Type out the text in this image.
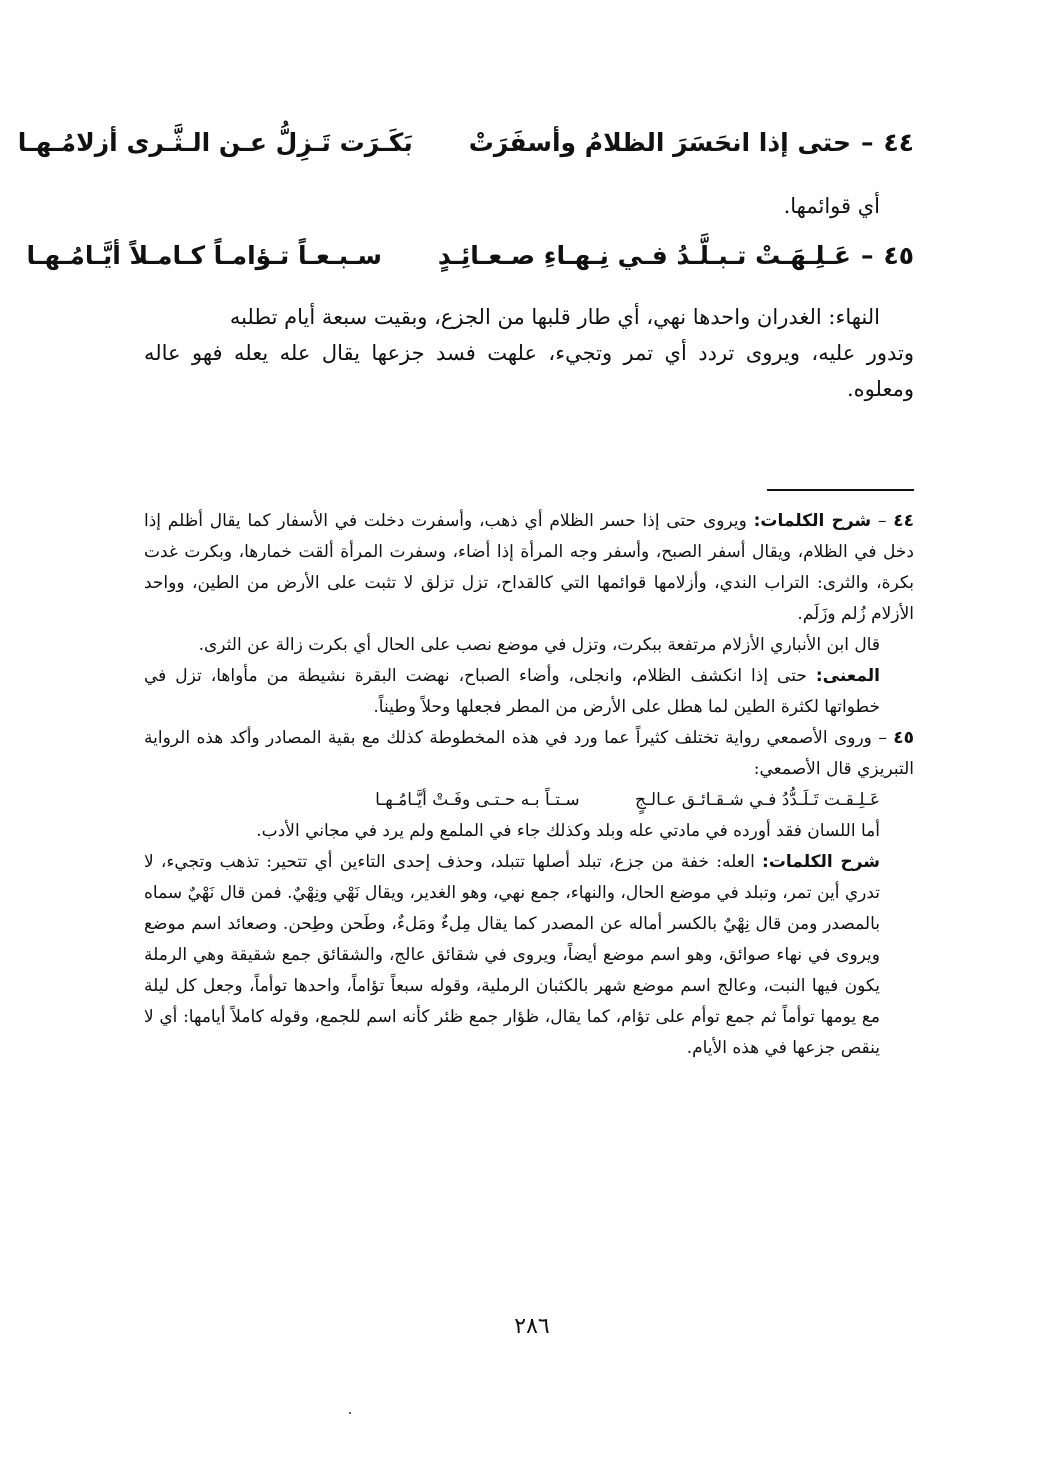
٤٤
–
حتى إذا انحَسَرَ الظلامُ وأسفَرَتْ
بَكَـرَت تَـزِلُّ عـن الـثَّـرى أزلامُـهـا
أي قوائمها.
٤٥
–
عَـلِـهَـتْ تـبـلَّـدُ فـي نِـهـاءِ صـعـائِـدٍ
سـبـعـاً تـؤامـاً كـامـلاً أيَّـامُـهـا
النهاء: الغدران واحدها نهي، أي طار قلبها من الجزع، وبقيت سبعة أيام تطلبه
وتدور عليه، ويروى تردد أي تمر وتجيء، علهت فسد جزعها يقال عله يعله فهو عاله ومعلوه.

٤٤ – شرح الكلمات: ويروى حتى إذا حسر الظلام أي ذهب، وأسفرت دخلت في الأسفار كما يقال أظلم إذا دخل في الظلام، ويقال أسفر الصبح، وأسفر وجه المرأة إذا أضاء، وسفرت المرأة ألقت خمارها، وبكرت غدت بكرة، والثرى: التراب الندي، وأزلامها قوائمها التي كالقداح، تزل تزلق لا تثبت على الأرض من الطين، وواحد الأزلام زُلم وزَلَم.

قال ابن الأنباري الأزلام مرتفعة ببكرت، وتزل في موضع نصب على الحال أي بكرت زالة عن الثرى.

المعنى: حتى إذا انكشف الظلام، وانجلى، وأضاء الصباح، نهضت البقرة نشيطة من مأواها، تزل في خطواتها لكثرة الطين لما هطل على الأرض من المطر فجعلها وحلاً وطيناً.

٤٥ – وروى الأصمعي رواية تختلف كثيراً عما ورد في هذه المخطوطة كذلك مع بقية المصادر وأكد هذه الرواية التبريزي قال الأصمعي:

عَـلِـقـت تَـلَـدُّدُ فـي شـقـائـق عـالـجٍ سـتـاً بـه حـتـى وفَـتْ أيَّـامُـهـا

أما اللسان فقد أورده في مادتي عله وبلد وكذلك جاء في الملمع ولم يرد في مجاني الأدب.

شرح الكلمات: العله: خفة من جزع، تبلد أصلها تتبلد، وحذف إحدى التاءين أي تتحير: تذهب وتجيء، لا تدري أين تمر، وتبلد في موضع الحال، والنهاء، جمع نهي، وهو الغدير، ويقال نَهْي ونِهْيٌ. فمن قال نَهْيٌ سماه بالمصدر ومن قال نِهْيٌ بالكسر أماله عن المصدر كما يقال مِلءٌ ومَلءٌ، وطَحن وطِحن. وصعائد اسم موضع ويروى في نهاء صوائق، وهو اسم موضع أيضاً، ويروى في شقائق عالج، والشقائق جمع شقيقة وهي الرملة يكون فيها النبت، وعالج اسم موضع شهر بالكثبان الرملية، وقوله سبعاً تؤاماً، واحدها توأماً، وجعل كل ليلة مع يومها توأماً ثم جمع توأم على تؤام، كما يقال، ظؤار جمع ظئر كأنه اسم للجمع، وقوله كاملاً أيامها: أي لا ينقص جزعها في هذه الأيام.

٢٨٦
